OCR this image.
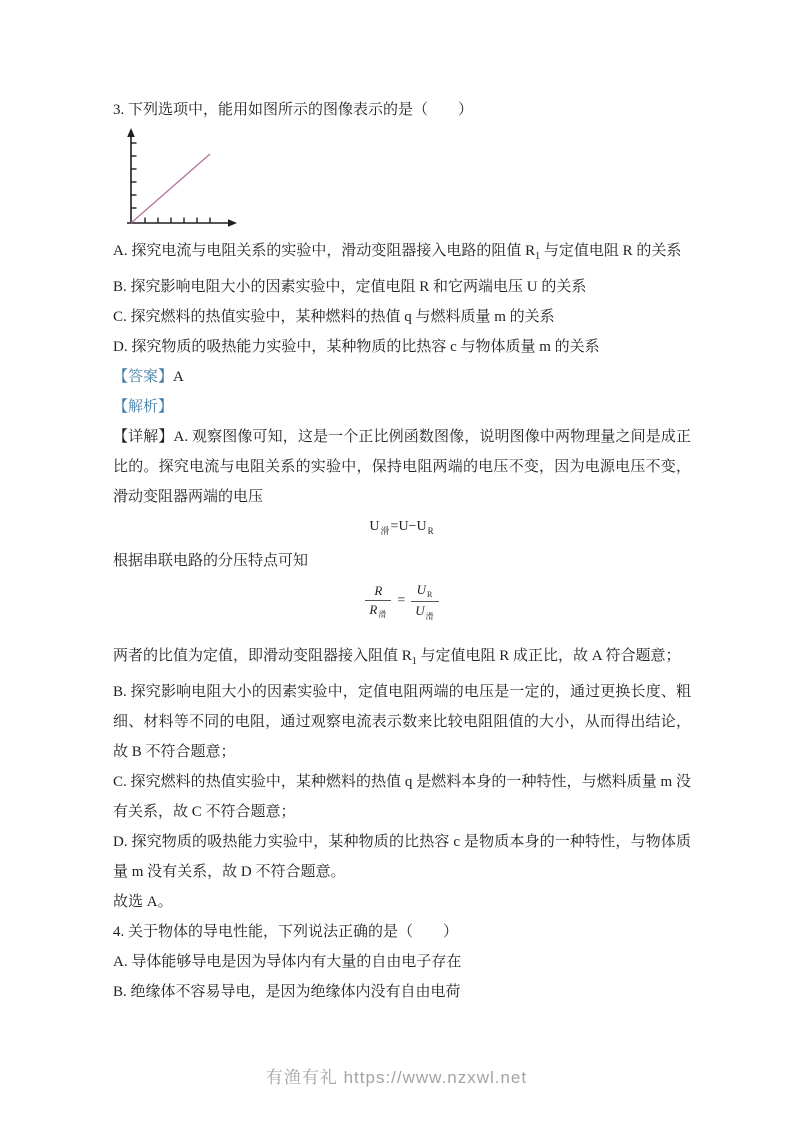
3. 下列选项中，能用如图所示的图像表示的是（　　）

A. 探究电流与电阻关系的实验中，滑动变阻器接入电路的阻值 $R_1$ 与定值电阻 R 的关系

B. 探究影响电阻大小的因素实验中，定值电阻 R 和它两端电压 U 的关系

C. 探究燃料的热值实验中，某种燃料的热值 q 与燃料质量 m 的关系

D. 探究物质的吸热能力实验中，某种物质的比热容 c 与物体质量 m 的关系

【答案】A

【解析】

【详解】A. 观察图像可知，这是一个正比例函数图像，说明图像中两物理量之间是成正比的。探究电流与电阻关系的实验中，保持电阻两端的电压不变，因为电源电压不变，滑动变阻器两端的电压

$U_滑=U-U_R$

根据串联电路的分压特点可知

$\frac{R}{R_滑} = \frac{U_R}{U_滑}$

两者的比值为定值，即滑动变阻器接入阻值 $R_1$ 与定值电阻 R 成正比，故 A 符合题意；

B. 探究影响电阻大小的因素实验中，定值电阻两端的电压是一定的，通过更换长度、粗细、材料等不同的电阻，通过观察电流表示数来比较电阻阻值的大小，从而得出结论，故 B 不符合题意；

C. 探究燃料的热值实验中，某种燃料的热值 q 是燃料本身的一种特性，与燃料质量 m 没有关系，故 C 不符合题意；

D. 探究物质的吸热能力实验中，某种物质的比热容 c 是物质本身的一种特性，与物体质量 m 没有关系，故 D 不符合题意。

故选 A。

4. 关于物体的导电性能，下列说法正确的是（　　）

A. 导体能够导电是因为导体内有大量的自由电子存在

B. 绝缘体不容易导电，是因为绝缘体内没有自由电荷

有渔有礼 https://www.nzxwl.net
